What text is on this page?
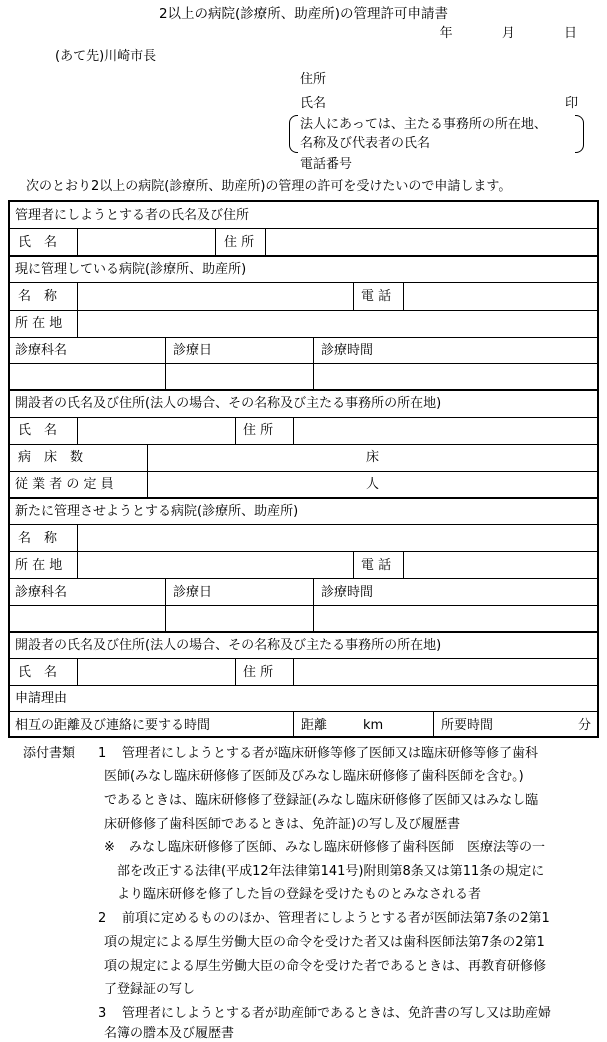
2以上の病院(診療所、助産所)の管理許可申請書
年	月	日
(あて先)川崎市長
住所
氏名	印
法人にあっては、主たる事務所の所在地、
名称及び代表者の氏名
電話番号
次のとおり2以上の病院(診療所、助産所)の管理の許可を受けたいので申請します。
管理者にしようとする者の氏名及び住所
氏　名	住 所
現に管理している病院(診療所、助産所)
名　称	電 話
所 在 地
診療科名	診療日	診療時間
開設者の氏名及び住所(法人の場合、その名称及び主たる事務所の所在地)
氏　名	住 所
病　床　数	床
従 業 者 の 定 員	人
新たに管理させようとする病院(診療所、助産所)
名　称
所 在 地	電 話
診療科名	診療日	診療時間
開設者の氏名及び住所(法人の場合、その名称及び主たる事務所の所在地)
氏　名	住 所
申請理由
相互の距離及び連絡に要する時間	距離	km	所要時間	分
添付書類 1 管理者にしようとする者が臨床研修等修了医師又は臨床研修等修了歯科
医師(みなし臨床研修修了医師及びみなし臨床研修修了歯科医師を含む。)
であるときは、臨床研修修了登録証(みなし臨床研修修了医師又はみなし臨
床研修修了歯科医師であるときは、免許証)の写し及び履歴書
※ みなし臨床研修修了医師、みなし臨床研修修了歯科医師　医療法等の一
部を改正する法律(平成12年法律第141号)附則第8条又は第11条の規定に
より臨床研修を修了した旨の登録を受けたものとみなされる者
2 前項に定めるもののほか、管理者にしようとする者が医師法第7条の2第1
項の規定による厚生労働大臣の命令を受けた者又は歯科医師法第7条の2第1
項の規定による厚生労働大臣の命令を受けた者であるときは、再教育研修修
了登録証の写し
3 管理者にしようとする者が助産師であるときは、免許書の写し又は助産婦
名簿の謄本及び履歴書
